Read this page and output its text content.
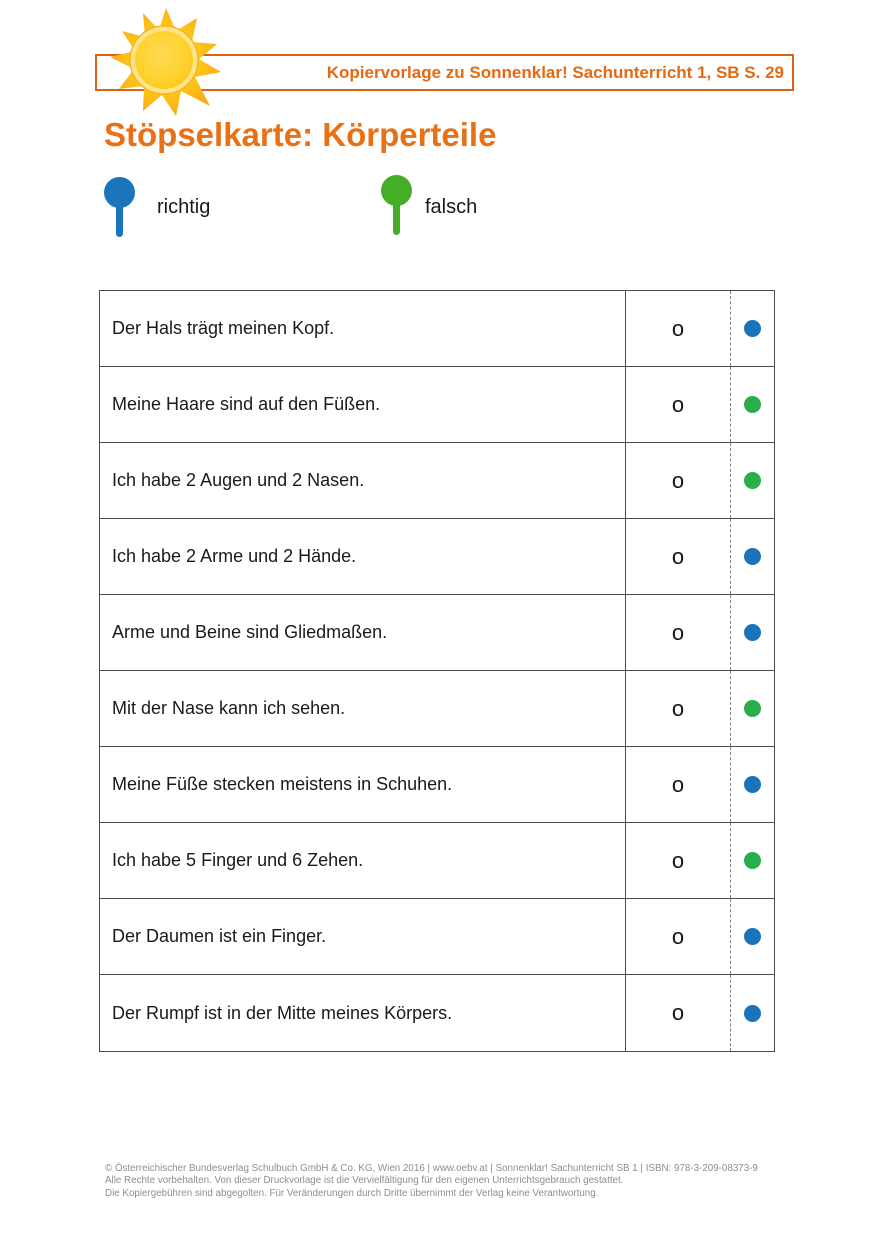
Kopiervorlage zu Sonnenklar! Sachunterricht 1, SB S. 29
Stöpselkarte: Körperteile
richtig	falsch
Der Hals trägt meinen Kopf.	o
Meine Haare sind auf den Füßen.	o
Ich habe 2 Augen und 2 Nasen.	o
Ich habe 2 Arme und 2 Hände.	o
Arme und Beine sind Gliedmaßen.	o
Mit der Nase kann ich sehen.	o
Meine Füße stecken meistens in Schuhen.	o
Ich habe 5 Finger und 6 Zehen.	o
Der Daumen ist ein Finger.	o
Der Rumpf ist in der Mitte meines Körpers.	o
© Österreichischer Bundesverlag Schulbuch GmbH & Co. KG, Wien 2016 | www.oebv.at | Sonnenklar! Sachunterricht SB 1 | ISBN: 978-3-209-08373-9
Alle Rechte vorbehalten. Von dieser Druckvorlage ist die Vervielfältigung für den eigenen Unterrichtsgebrauch gestattet.
Die Kopiergebühren sind abgegolten. Für Veränderungen durch Dritte übernimmt der Verlag keine Verantwortung.
